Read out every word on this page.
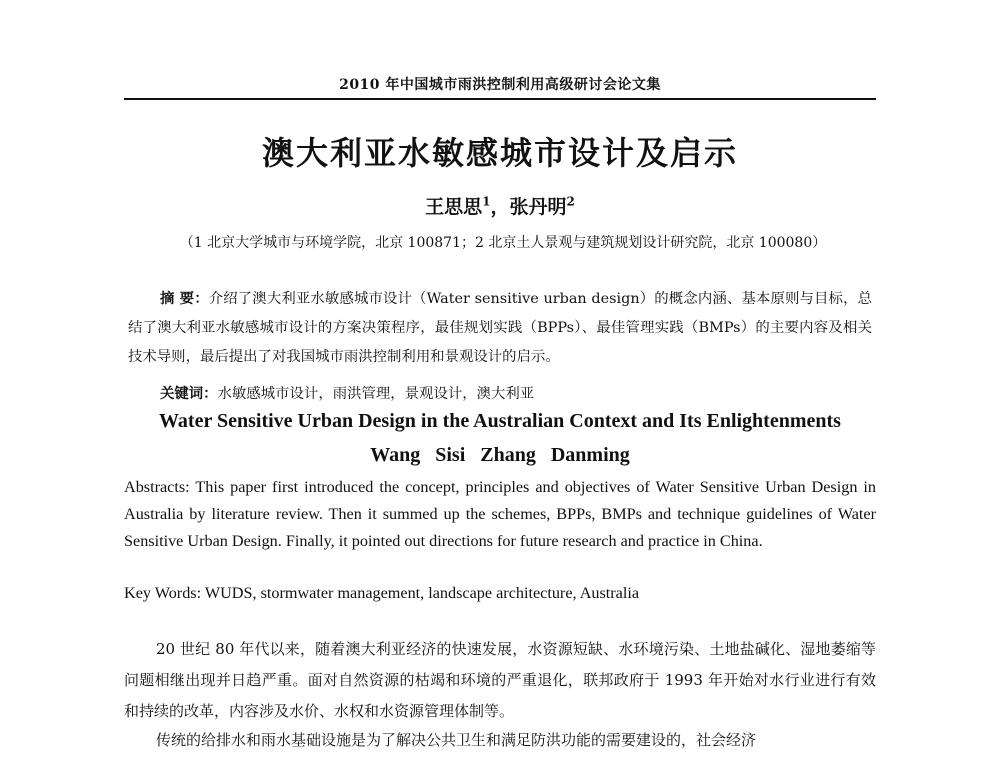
2010 年中国城市雨洪控制利用高级研讨会论文集
澳大利亚水敏感城市设计及启示
王思思$^1$，张丹明$^2$
（1 北京大学城市与环境学院，北京 100871；2 北京土人景观与建筑规划设计研究院，北京 100080）
摘 要：介绍了澳大利亚水敏感城市设计（Water sensitive urban design）的概念内涵、基本原则与目标，总结了澳大利亚水敏感城市设计的方案决策程序，最佳规划实践（BPPs）、最佳管理实践（BMPs）的主要内容及相关技术导则，最后提出了对我国城市雨洪控制利用和景观设计的启示。
关键词：水敏感城市设计，雨洪管理，景观设计，澳大利亚
Water Sensitive Urban Design in the Australian Context and Its Enlightenments
Wang Sisi Zhang Danming
Abstracts: This paper first introduced the concept, principles and objectives of Water Sensitive Urban Design in Australia by literature review. Then it summed up the schemes, BPPs, BMPs and technique guidelines of Water Sensitive Urban Design. Finally, it pointed out directions for future research and practice in China.
Key Words: WUDS, stormwater management, landscape architecture, Australia

20 世纪 80 年代以来，随着澳大利亚经济的快速发展，水资源短缺、水环境污染、土地盐碱化、湿地萎缩等问题相继出现并日趋严重。面对自然资源的枯竭和环境的严重退化，联邦政府于 1993 年开始对水行业进行有效和持续的改革，内容涉及水价、水权和水资源管理体制等。

传统的给排水和雨水基础设施是为了解决公共卫生和满足防洪功能的需要建设的，社会经济
